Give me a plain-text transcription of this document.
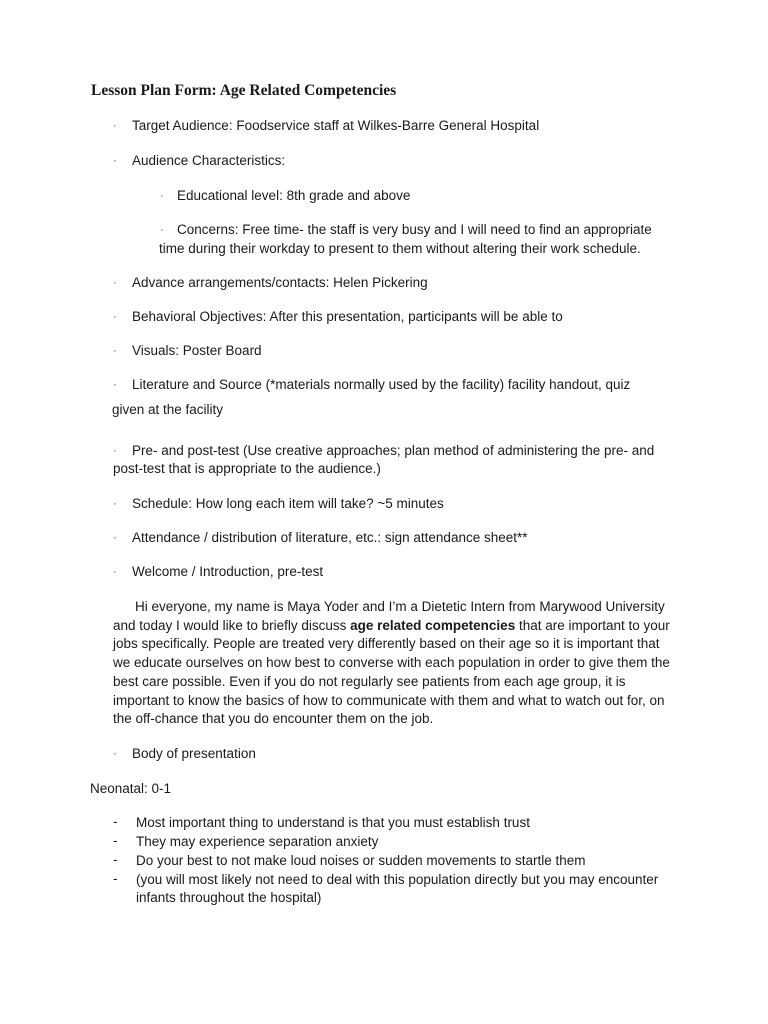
Lesson Plan Form: Age Related Competencies
· Target Audience: Foodservice staff at Wilkes-Barre General Hospital
· Audience Characteristics:
· Educational level: 8th grade and above
· Concerns: Free time- the staff is very busy and I will need to find an appropriate
time during their workday to present to them without altering their work schedule.
· Advance arrangements/contacts: Helen Pickering
· Behavioral Objectives: After this presentation, participants will be able to
· Visuals: Poster Board
· Literature and Source (*materials normally used by the facility) facility handout, quiz
given at the facility
· Pre- and post-test (Use creative approaches; plan method of administering the pre- and
post-test that is appropriate to the audience.)
· Schedule: How long each item will take? ~5 minutes
· Attendance / distribution of literature, etc.: sign attendance sheet**
· Welcome / Introduction, pre-test
Hi everyone, my name is Maya Yoder and I’m a Dietetic Intern from Marywood University and today I would like to briefly discuss age related competencies that are important to your jobs specifically. People are treated very differently based on their age so it is important that we educate ourselves on how best to converse with each population in order to give them the best care possible. Even if you do not regularly see patients from each age group, it is important to know the basics of how to communicate with them and what to watch out for, on the off-chance that you do encounter them on the job.
· Body of presentation
Neonatal: 0-1
- Most important thing to understand is that you must establish trust
- They may experience separation anxiety
- Do your best to not make loud noises or sudden movements to startle them
- (you will most likely not need to deal with this population directly but you may encounter
infants throughout the hospital)
